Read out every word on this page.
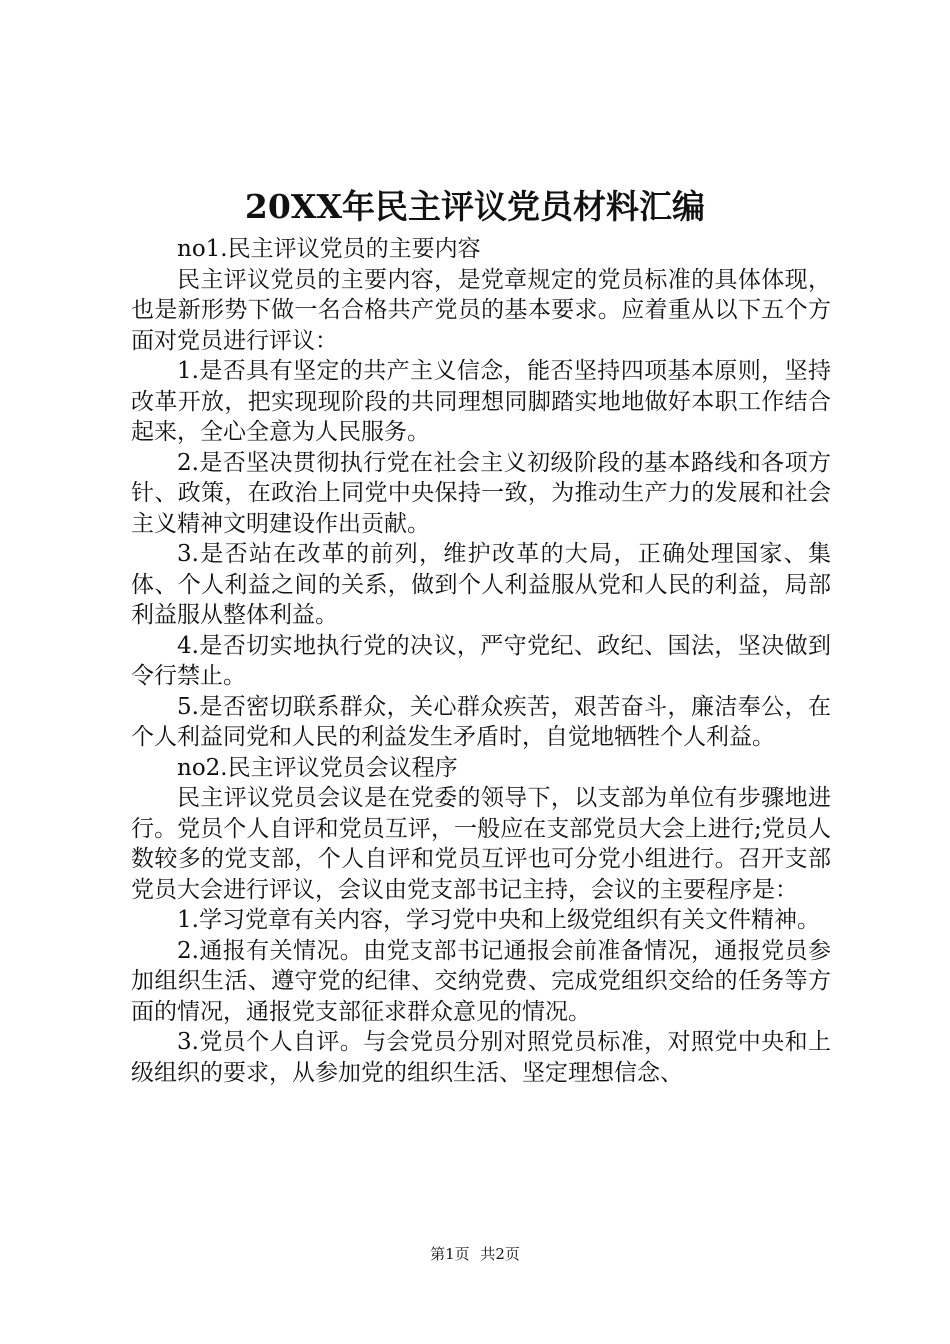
20XX年民主评议党员材料汇编

no1.民主评议党员的主要内容

民主评议党员的主要内容，是党章规定的党员标准的具体体现，也是新形势下做一名合格共产党员的基本要求。应着重从以下五个方面对党员进行评议：

1.是否具有坚定的共产主义信念，能否坚持四项基本原则，坚持改革开放，把实现现阶段的共同理想同脚踏实地地做好本职工作结合起来，全心全意为人民服务。

2.是否坚决贯彻执行党在社会主义初级阶段的基本路线和各项方针、政策，在政治上同党中央保持一致，为推动生产力的发展和社会主义精神文明建设作出贡献。

3.是否站在改革的前列，维护改革的大局，正确处理国家、集体、个人利益之间的关系，做到个人利益服从党和人民的利益，局部利益服从整体利益。

4.是否切实地执行党的决议，严守党纪、政纪、国法，坚决做到令行禁止。

5.是否密切联系群众，关心群众疾苦，艰苦奋斗，廉洁奉公，在个人利益同党和人民的利益发生矛盾时，自觉地牺牲个人利益。

no2.民主评议党员会议程序

民主评议党员会议是在党委的领导下，以支部为单位有步骤地进行。党员个人自评和党员互评，一般应在支部党员大会上进行;党员人数较多的党支部，个人自评和党员互评也可分党小组进行。召开支部党员大会进行评议，会议由党支部书记主持，会议的主要程序是：

1.学习党章有关内容，学习党中央和上级党组织有关文件精神。

2.通报有关情况。由党支部书记通报会前准备情况，通报党员参加组织生活、遵守党的纪律、交纳党费、完成党组织交给的任务等方面的情况，通报党支部征求群众意见的情况。

3.党员个人自评。与会党员分别对照党员标准，对照党中央和上级组织的要求，从参加党的组织生活、坚定理想信念、

第1页 共2页
